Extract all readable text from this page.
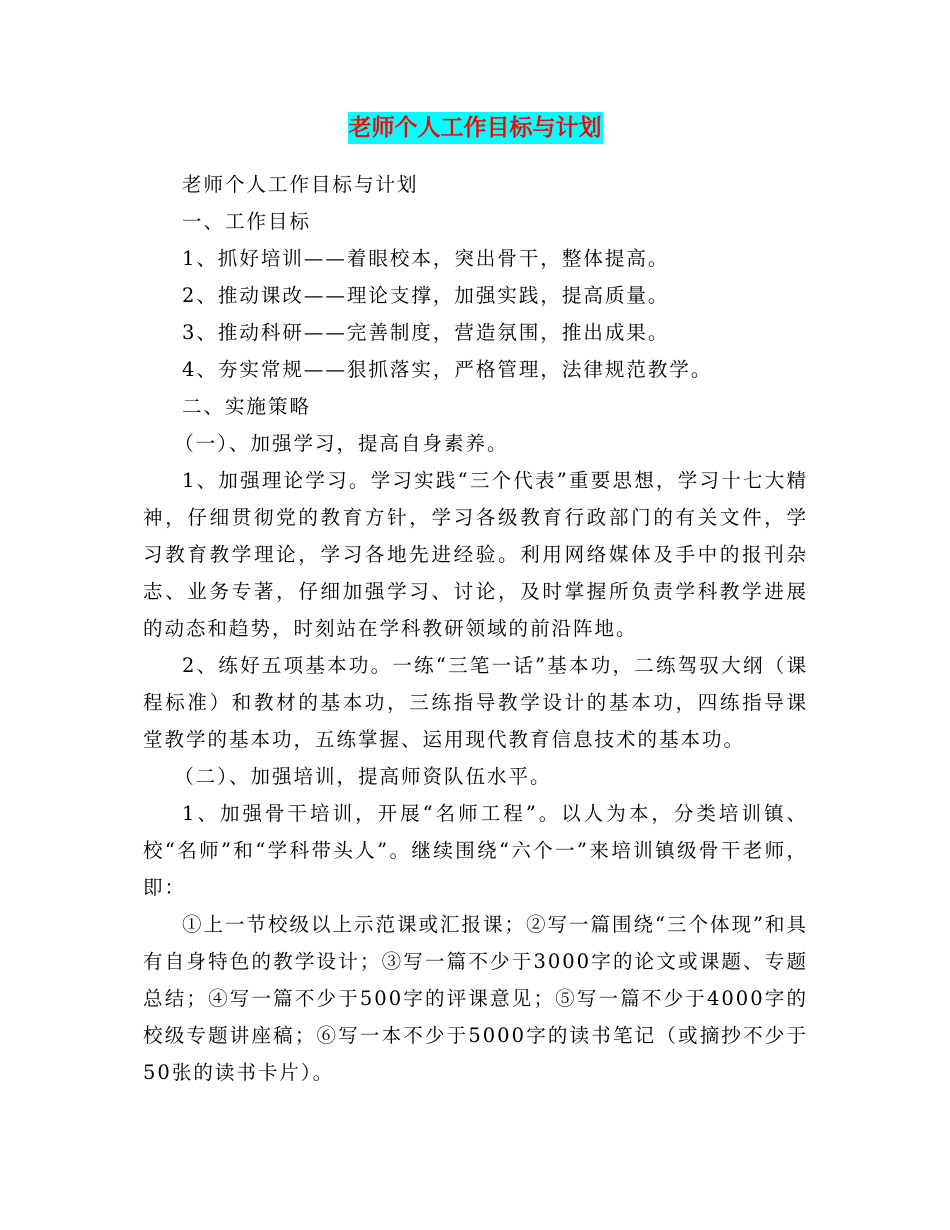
老师个人工作目标与计划

老师个人工作目标与计划

一、工作目标

1、抓好培训——着眼校本，突出骨干，整体提高。

2、推动课改——理论支撑，加强实践，提高质量。

3、推动科研——完善制度，营造氛围，推出成果。

4、夯实常规——狠抓落实，严格管理，法律规范教学。

二、实施策略

（一）、加强学习，提高自身素养。

1、加强理论学习。学习实践“三个代表”重要思想，学习十七大精神，仔细贯彻党的教育方针，学习各级教育行政部门的有关文件，学习教育教学理论，学习各地先进经验。利用网络媒体及手中的报刊杂志、业务专著，仔细加强学习、讨论，及时掌握所负责学科教学进展的动态和趋势，时刻站在学科教研领域的前沿阵地。

2、练好五项基本功。一练“三笔一话”基本功，二练驾驭大纲（课程标准）和教材的基本功，三练指导教学设计的基本功，四练指导课堂教学的基本功，五练掌握、运用现代教育信息技术的基本功。

（二）、加强培训，提高师资队伍水平。

1、加强骨干培训，开展“名师工程”。以人为本，分类培训镇、校“名师”和“学科带头人”。继续围绕“六个一”来培训镇级骨干老师，即：

①上一节校级以上示范课或汇报课；②写一篇围绕“三个体现”和具有自身特色的教学设计；③写一篇不少于3000字的论文或课题、专题总结；④写一篇不少于500字的评课意见；⑤写一篇不少于4000字的校级专题讲座稿；⑥写一本不少于5000字的读书笔记（或摘抄不少于50张的读书卡片）。
